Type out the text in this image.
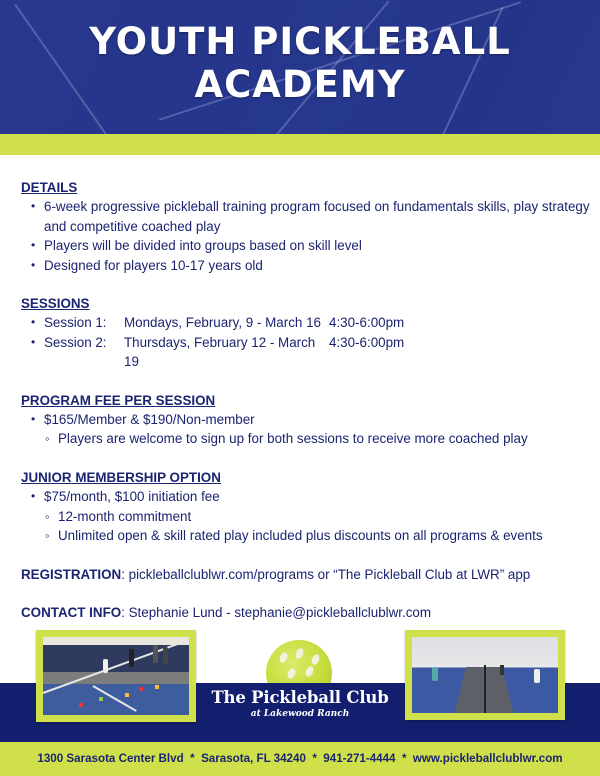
YOUTH PICKLEBALL
ACADEMY
DETAILS
• 6-week progressive pickleball training program focused on fundamentals skills, play strategy and competitive coached play
• Players will be divided into groups based on skill level
• Designed for players 10-17 years old
SESSIONS
• Session 1:	Mondays, February, 9 - March 16 4:30-6:00pm
• Session 2:	Thursdays, February 12 - March 19
4:30-6:00pm
PROGRAM FEE PER SESSION
• $165/Member & $190/Non-member
◦ Players are welcome to sign up for both sessions to receive more coached play
JUNIOR MEMBERSHIP OPTION
• $75/month, $100 initiation fee
◦ 12-month commitment
◦ Unlimited open & skill rated play included plus discounts on all programs & events
REGISTRATION: pickleballclublwr.com/programs or “The Pickleball Club at LWR” app
CONTACT INFO: Stephanie Lund - stephanie@pickleballclublwr.com
1300 Sarasota Center Blvd  *  Sarasota, FL 34240  *  941-271-4444  *  www.pickleballclublwr.com
The Pickleball Club
at Lakewood Ranch
